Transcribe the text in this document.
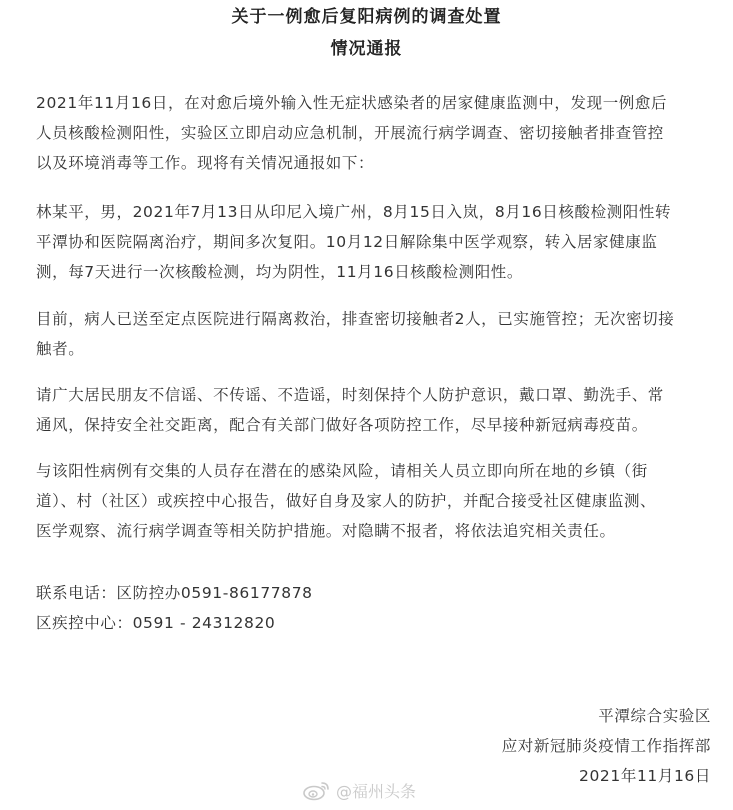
关于一例愈后复阳病例的调查处置
情况通报
2021年11月16日，在对愈后境外输入性无症状感染者的居家健康监测中，发现一例愈后
人员核酸检测阳性，实验区立即启动应急机制，开展流行病学调查、密切接触者排查管控
以及环境消毒等工作。现将有关情况通报如下：
林某平，男，2021年7月13日从印尼入境广州，8月15日入岚，8月16日核酸检测阳性转
平潭协和医院隔离治疗，期间多次复阳。10月12日解除集中医学观察，转入居家健康监
测，每7天进行一次核酸检测，均为阴性，11月16日核酸检测阳性。
目前，病人已送至定点医院进行隔离救治，排查密切接触者2人，已实施管控；无次密切接
触者。
请广大居民朋友不信谣、不传谣、不造谣，时刻保持个人防护意识，戴口罩、勤洗手、常
通风，保持安全社交距离，配合有关部门做好各项防控工作，尽早接种新冠病毒疫苗。
与该阳性病例有交集的人员存在潜在的感染风险，请相关人员立即向所在地的乡镇（街
道）、村（社区）或疾控中心报告，做好自身及家人的防护，并配合接受社区健康监测、
医学观察、流行病学调查等相关防护措施。对隐瞒不报者，将依法追究相关责任。
联系电话：区防控办0591-86177878
区疾控中心：0591 - 24312820
平潭综合实验区
应对新冠肺炎疫情工作指挥部
2021年11月16日
@福州头条
